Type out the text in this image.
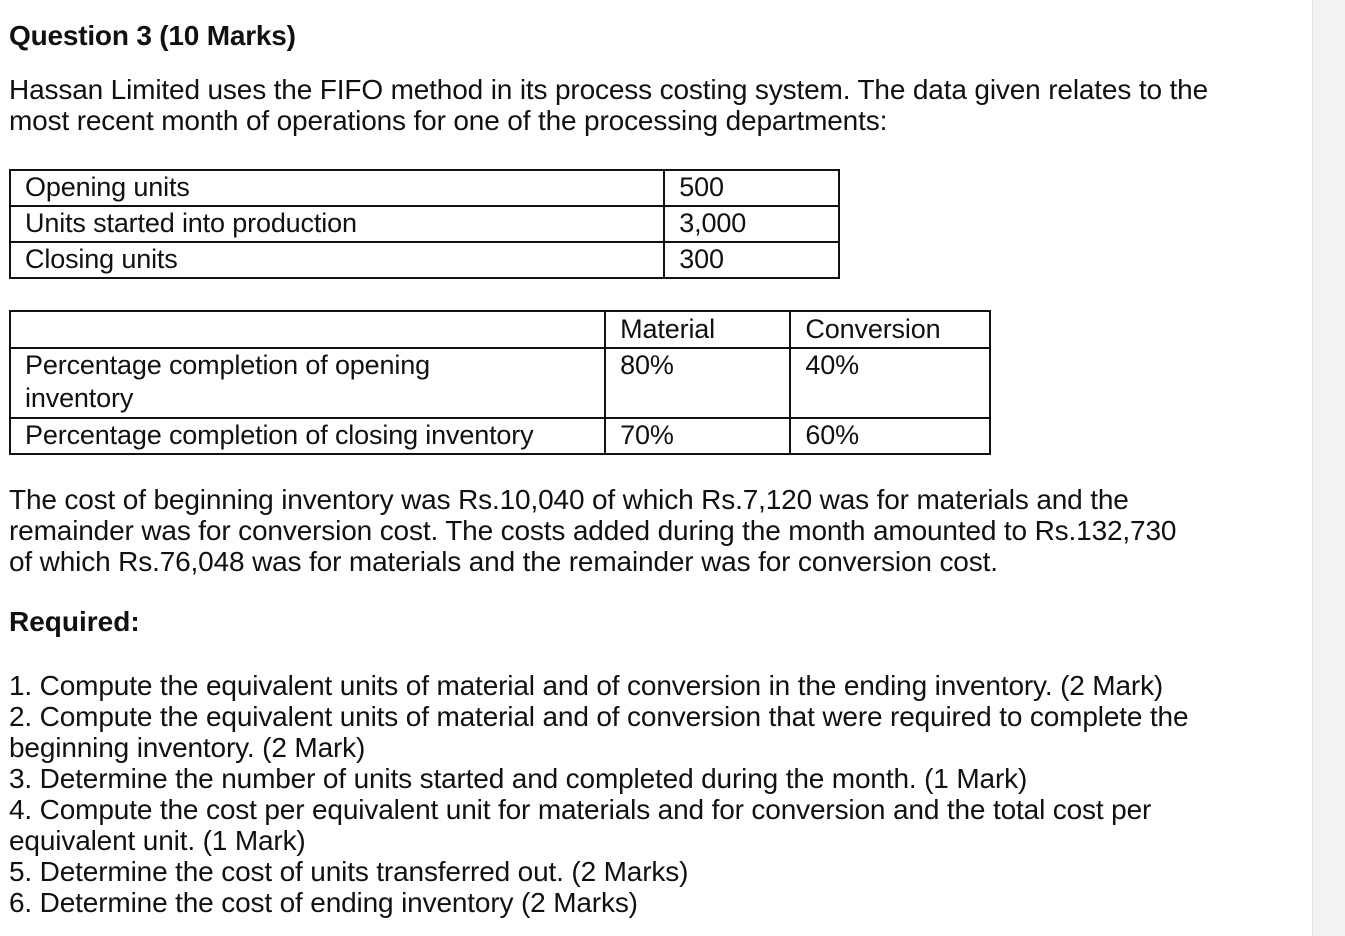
Question 3 (10 Marks)

Hassan Limited uses the FIFO method in its process costing system. The data given relates to the
most recent month of operations for one of the processing departments:

Opening units	500
Units started into production	3,000
Closing units	300
	Material	Conversion

Percentage completion of opening
inventory	80%	40%

Percentage completion of closing inventory	70%	60%

The cost of beginning inventory was Rs.10,040 of which Rs.7,120 was for materials and the
remainder was for conversion cost. The costs added during the month amounted to Rs.132,730
of which Rs.76,048 was for materials and the remainder was for conversion cost.

Required:
1. Compute the equivalent units of material and of conversion in the ending inventory. (2 Mark)
2. Compute the equivalent units of material and of conversion that were required to complete the
beginning inventory. (2 Mark)
3. Determine the number of units started and completed during the month. (1 Mark)
4. Compute the cost per equivalent unit for materials and for conversion and the total cost per
equivalent unit. (1 Mark)
5. Determine the cost of units transferred out. (2 Marks)
6. Determine the cost of ending inventory (2 Marks)
